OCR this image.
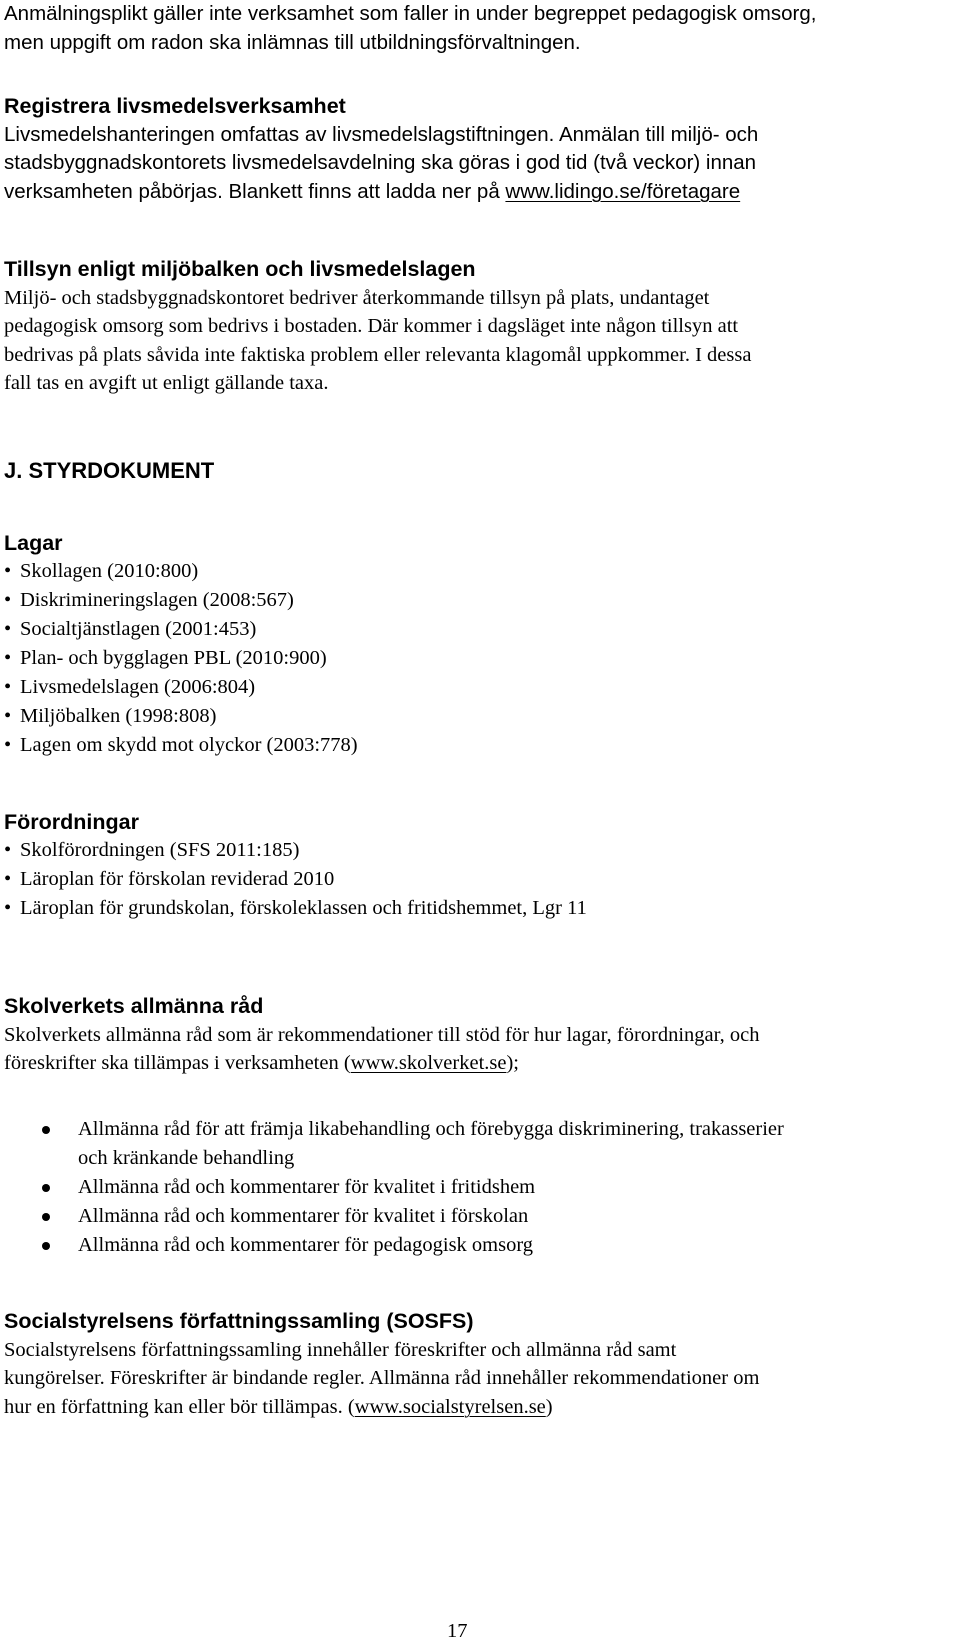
Anmälningsplikt gäller inte verksamhet som faller in under begreppet pedagogisk omsorg,

men uppgift om radon ska inlämnas till utbildningsförvaltningen.

Registrera livsmedelsverksamhet

Livsmedelshanteringen omfattas av livsmedelslagstiftningen. Anmälan till miljö- och

stadsbyggnadskontorets livsmedelsavdelning ska göras i god tid (två veckor) innan

verksamheten påbörjas. Blankett finns att ladda ner på www.lidingo.se/företagare

Tillsyn enligt miljöbalken och livsmedelslagen

Miljö- och stadsbyggnadskontoret bedriver återkommande tillsyn på plats, undantaget

pedagogisk omsorg som bedrivs i bostaden. Där kommer i dagsläget inte någon tillsyn att

bedrivas på plats såvida inte faktiska problem eller relevanta klagomål uppkommer. I dessa

fall tas en avgift ut enligt gällande taxa.

J. STYRDOKUMENT
Lagar
• Skollagen (2010:800)
• Diskrimineringslagen (2008:567)
• Socialtjänstlagen (2001:453)
• Plan- och bygglagen PBL (2010:900)
• Livsmedelslagen (2006:804)
• Miljöbalken (1998:808)
• Lagen om skydd mot olyckor (2003:778)
Förordningar
• Skolförordningen (SFS 2011:185)
• Läroplan för förskolan reviderad 2010
• Läroplan för grundskolan, förskoleklassen och fritidshemmet, Lgr 11
Skolverkets allmänna råd

Skolverkets allmänna råd som är rekommendationer till stöd för hur lagar, förordningar, och

föreskrifter ska tillämpas i verksamheten (www.skolverket.se);

Allmänna råd för att främja likabehandling och förebygga diskriminering, trakasserier
och kränkande behandling
Allmänna råd och kommentarer för kvalitet i fritidshem
Allmänna råd och kommentarer för kvalitet i förskolan
Allmänna råd och kommentarer för pedagogisk omsorg
Socialstyrelsens författningssamling (SOSFS)

Socialstyrelsens författningssamling innehåller föreskrifter och allmänna råd samt

kungörelser. Föreskrifter är bindande regler. Allmänna råd innehåller rekommendationer om

hur en författning kan eller bör tillämpas. (www.socialstyrelsen.se)

17
